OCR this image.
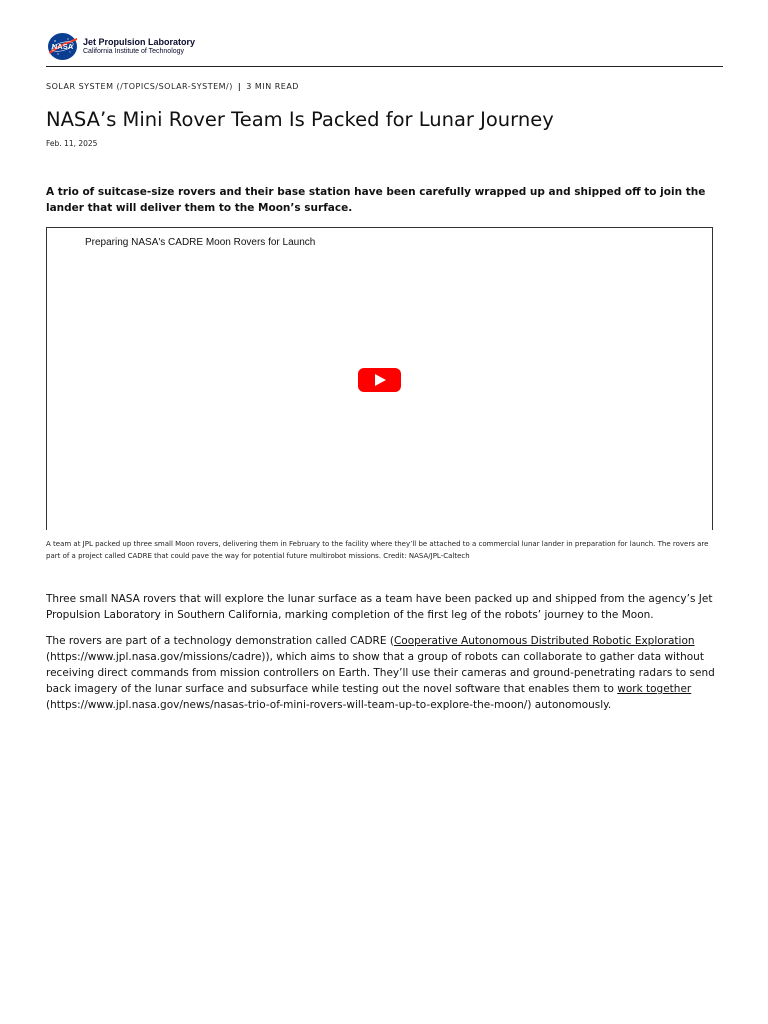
NASA Jet Propulsion Laboratory
California Institute of Technology
SOLAR SYSTEM (/TOPICS/SOLAR-SYSTEM/) | 3 MIN READ
NASA’s Mini Rover Team Is Packed for Lunar Journey
Feb. 11, 2025

A trio of suitcase-size rovers and their base station have been carefully wrapped up and shipped off to join the lander that will deliver them to the Moon’s surface.

Preparing NASA's CADRE Moon Rovers for Launch

A team at JPL packed up three small Moon rovers, delivering them in February to the facility where they’ll be attached to a commercial lunar lander in preparation for launch. The rovers are part of a project called CADRE that could pave the way for potential future multirobot missions. Credit: NASA/JPL-Caltech

Three small NASA rovers that will explore the lunar surface as a team have been packed up and shipped from the agency’s Jet Propulsion Laboratory in Southern California, marking completion of the first leg of the robots’ journey to the Moon.

The rovers are part of a technology demonstration called CADRE (Cooperative Autonomous Distributed Robotic Exploration (https://www.jpl.nasa.gov/missions/cadre)), which aims to show that a group of robots can collaborate to gather data without receiving direct commands from mission controllers on Earth. They’ll use their cameras and ground-penetrating radars to send back imagery of the lunar surface and subsurface while testing out the novel software that enables them to work together (https://www.jpl.nasa.gov/news/nasas-trio-of-mini-rovers-will-team-up-to-explore-the-moon/) autonomously.
